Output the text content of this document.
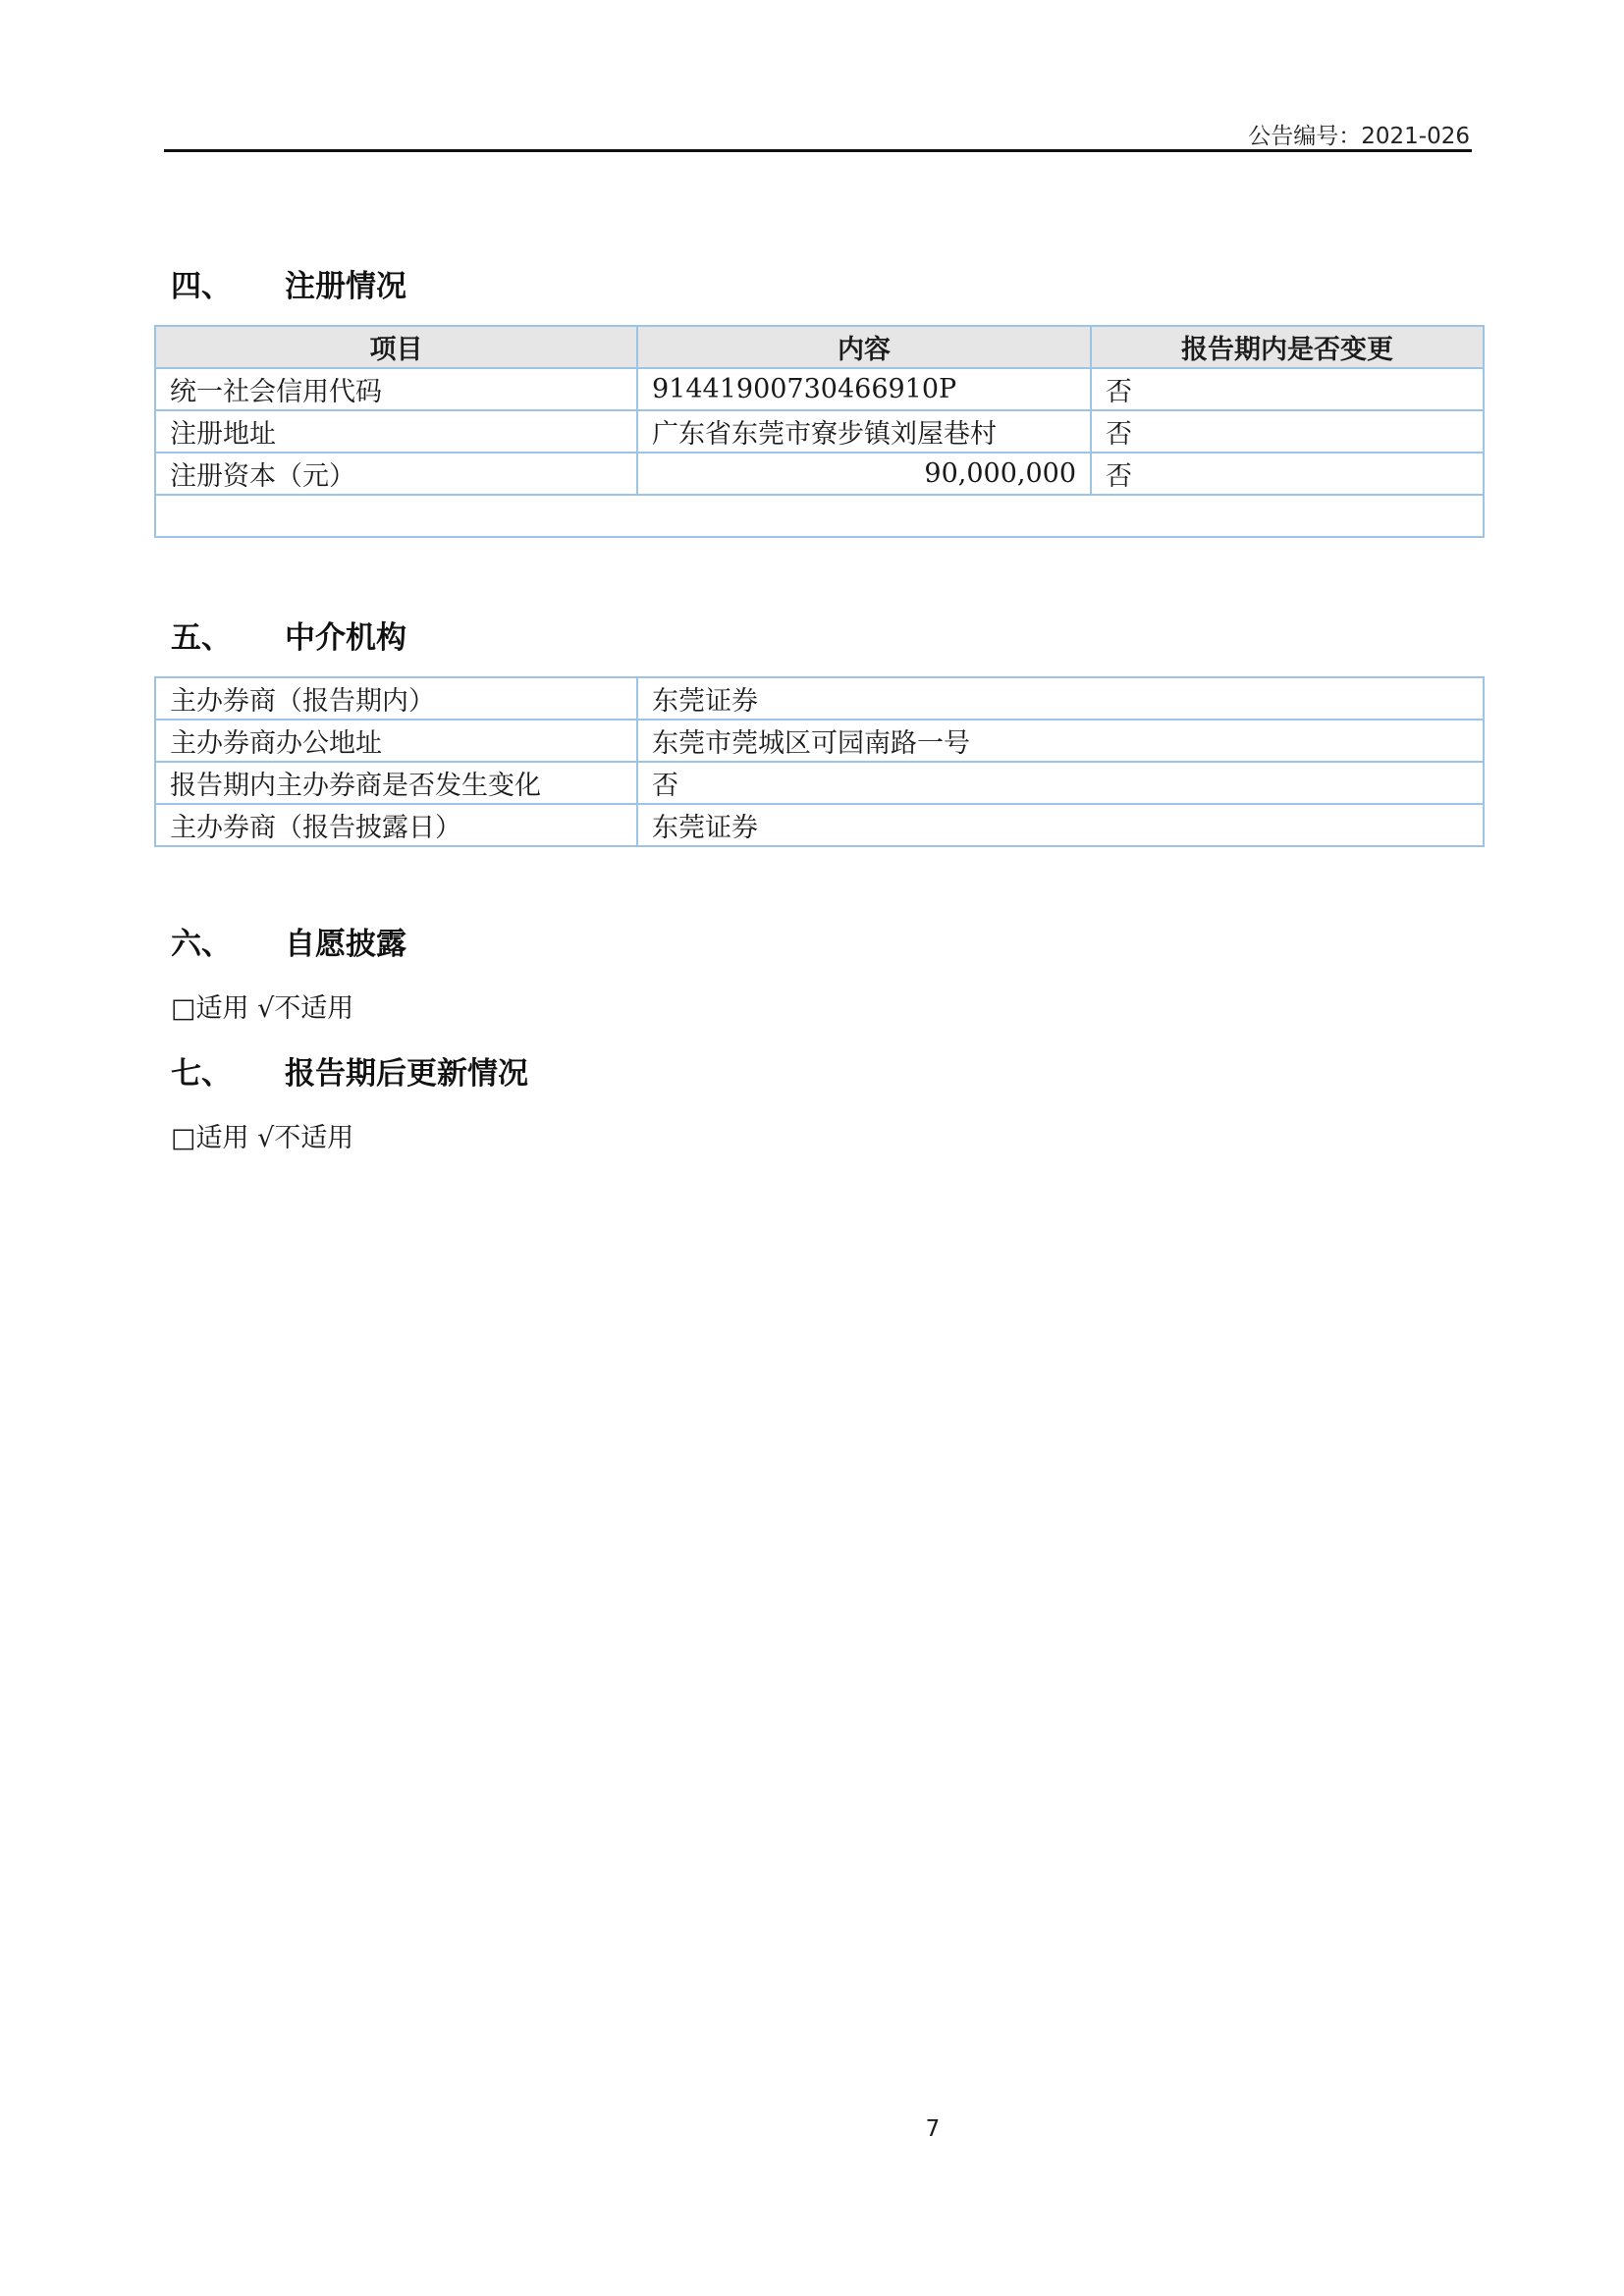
公告编号：2021-026
四、	注册情况
项目	内容	报告期内是否变更
统一社会信用代码	91441900730466910P	否
注册地址	广东省东莞市寮步镇刘屋巷村	否
注册资本（元）	90,000,000	否

五、	中介机构
主办券商（报告期内）	东莞证券
主办券商办公地址	东莞市莞城区可园南路一号
报告期内主办券商是否发生变化	否
主办券商（报告披露日）	东莞证券
六、	自愿披露
□适用 √不适用
七、	报告期后更新情况
□适用 √不适用
7
